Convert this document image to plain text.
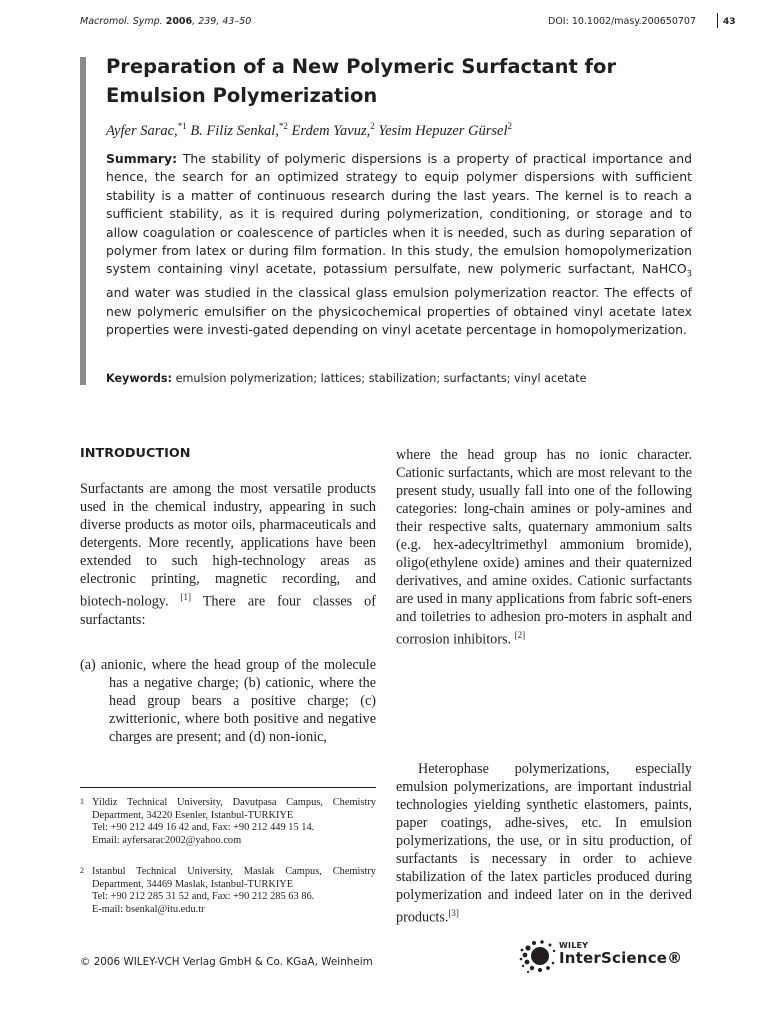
Macromol. Symp. 2006, 239, 43–50	DOI: 10.1002/masy.200650707	43
Preparation of a New Polymeric Surfactant for Emulsion Polymerization
Ayfer Sarac,$^{*1}$ B. Filiz Senkal,$^{*2}$ Erdem Yavuz,$^2$ Yesim Hepuzer Gürsel$^2$

Summary: The stability of polymeric dispersions is a property of practical importance and hence, the search for an optimized strategy to equip polymer dispersions with sufficient stability is a matter of continuous research during the last years. The kernel is to reach a sufficient stability, as it is required during polymerization, conditioning, or storage and to allow coagulation or coalescence of particles when it is needed, such as during separation of polymer from latex or during film formation. In this study, the emulsion homopolymerization system containing vinyl acetate, potassium persulfate, new polymeric surfactant, NaHCO$_3$ and water was studied in the classical glass emulsion polymerization reactor. The effects of new polymeric emulsifier on the physicochemical properties of obtained vinyl acetate latex properties were investi-gated depending on vinyl acetate percentage in homopolymerization.

Keywords: emulsion polymerization; lattices; stabilization; surfactants; vinyl acetate

INTRODUCTION

Surfactants are among the most versatile products used in the chemical industry, appearing in such diverse products as motor oils, pharmaceuticals and detergents. More recently, applications have been extended to such high-technology areas as electronic printing, magnetic recording, and biotech-nology. [1] There are four classes of surfactants:

(a) anionic, where the head group of the molecule has a negative charge; (b) cationic, where the head group bears a positive charge; (c) zwitterionic, where both positive and negative charges are present; and (d) non-ionic,

where the head group has no ionic character. Cationic surfactants, which are most relevant to the present study, usually fall into one of the following categories: long-chain amines or poly-amines and their respective salts, quaternary ammonium salts (e.g. hex-adecyltrimethyl ammonium bromide), oligo(ethylene oxide) amines and their quaternized derivatives, and amine oxides. Cationic surfactants are used in many applications from fabric soft-eners and toiletries to adhesion pro-moters in asphalt and corrosion inhibitors. [2]

Heterophase polymerizations, especially emulsion polymerizations, are important industrial technologies yielding synthetic elastomers, paints, paper coatings, adhe-sives, etc. In emulsion polymerizations, the use, or in situ production, of surfactants is necessary in order to achieve stabilization of the latex particles produced during polymerization and indeed later on in the derived products.[3]

1 Yildiz Technical University, Davutpasa Campus, Chemistry Department, 34220 Esenler, Istanbul-TURKIYE
Tel: +90 212 449 16 42 and, Fax: +90 212 449 15 14.
Email: ayfersarac2002@yahoo.com
2 Istanbul Technical University, Maslak Campus, Chemistry Department, 34469 Maslak, Istanbul-TURKIYE
Tel: +90 212 285 31 52 and, Fax: +90 212 285 63 86.
E-mail: bsenkal@itu.edu.tr
© 2006 WILEY-VCH Verlag GmbH & Co. KGaA, Weinheim
WILEY
InterScience®
